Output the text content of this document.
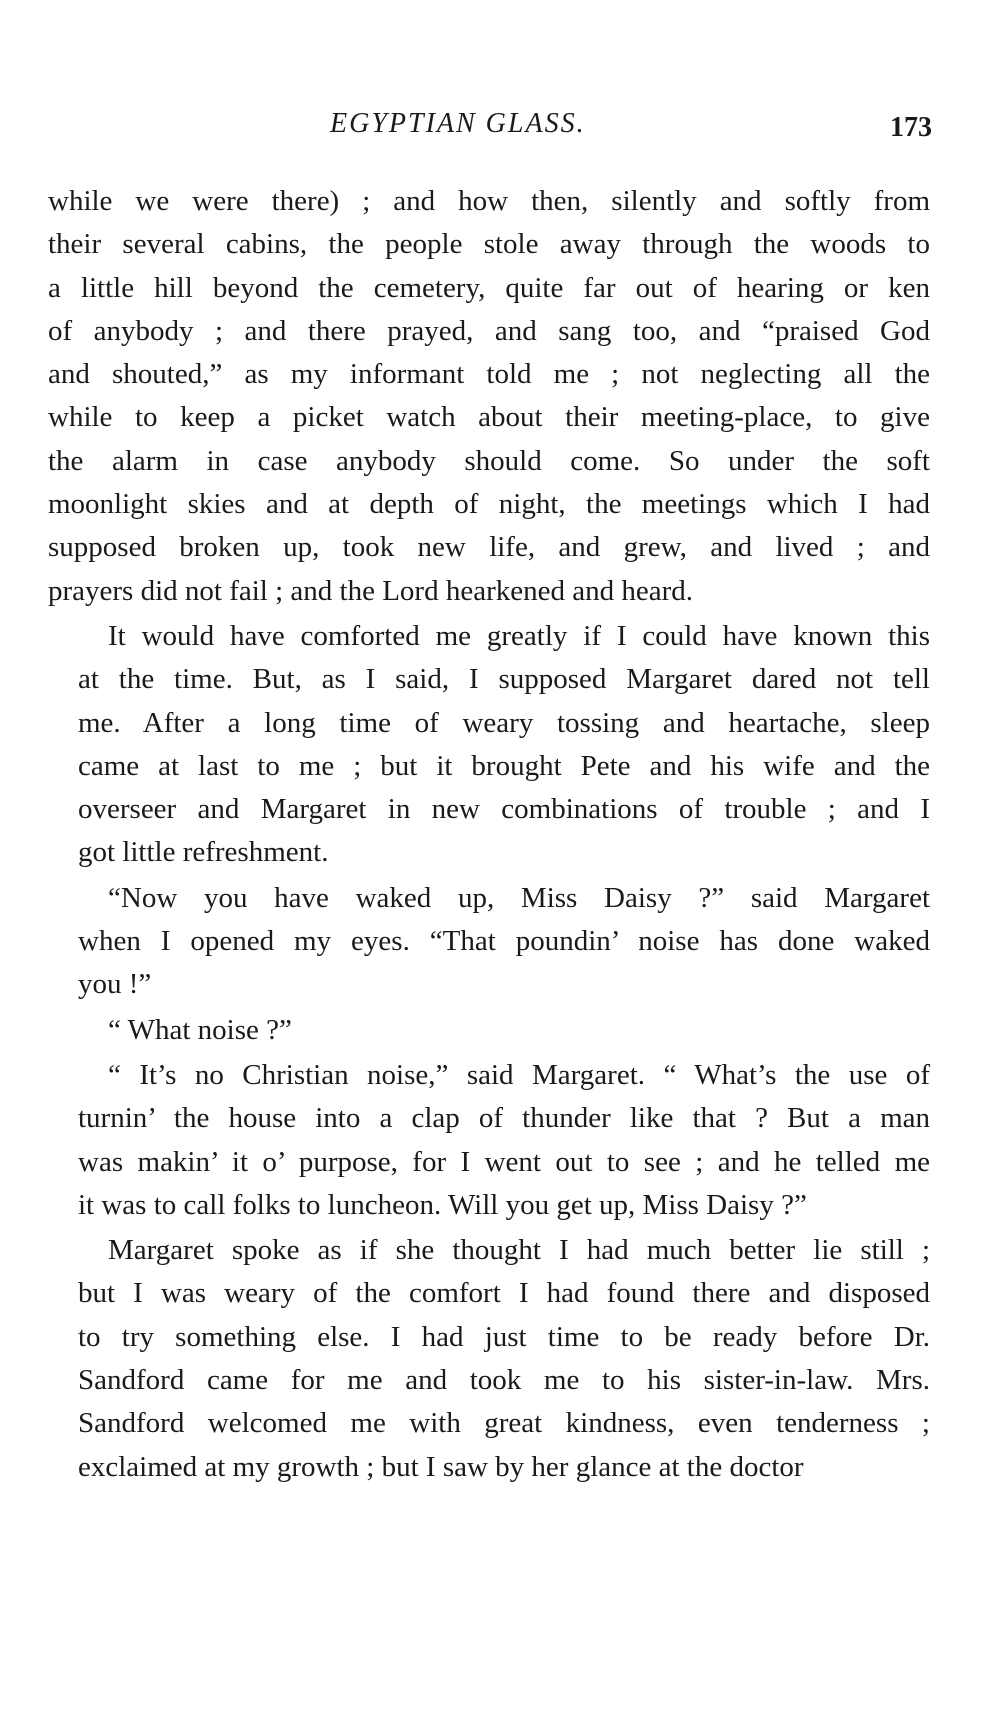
EGYPTIAN GLASS.	173
while we were there) ; and how then, silently and softly from
their several cabins, the people stole away through the woods to
a little hill beyond the cemetery, quite far out of hearing or ken
of anybody ; and there prayed, and sang too, and “praised God
and shouted,” as my informant told me ; not neglecting all the
while to keep a picket watch about their meeting-place, to give
the alarm in case anybody should come. So under the soft
moonlight skies and at depth of night, the meetings which I had
supposed broken up, took new life, and grew, and lived ; and
prayers did not fail ; and the Lord hearkened and heard.
It would have comforted me greatly if I could have known this
at the time. But, as I said, I supposed Margaret dared not tell
me. After a long time of weary tossing and heartache, sleep
came at last to me ; but it brought Pete and his wife and the
overseer and Margaret in new combinations of trouble ; and I
got little refreshment.
“Now you have waked up, Miss Daisy ?” said Margaret
when I opened my eyes. “That poundin’ noise has done waked
you !”
“ What noise ?”
“ It’s no Christian noise,” said Margaret. “ What’s the use of
turnin’ the house into a clap of thunder like that ? But a man
was makin’ it o’ purpose, for I went out to see ; and he telled me
it was to call folks to luncheon. Will you get up, Miss Daisy ?”
Margaret spoke as if she thought I had much better lie still ;
but I was weary of the comfort I had found there and disposed
to try something else. I had just time to be ready before Dr.
Sandford came for me and took me to his sister-in-law. Mrs.
Sandford welcomed me with great kindness, even tenderness ;
exclaimed at my growth ; but I saw by her glance at the doctor
